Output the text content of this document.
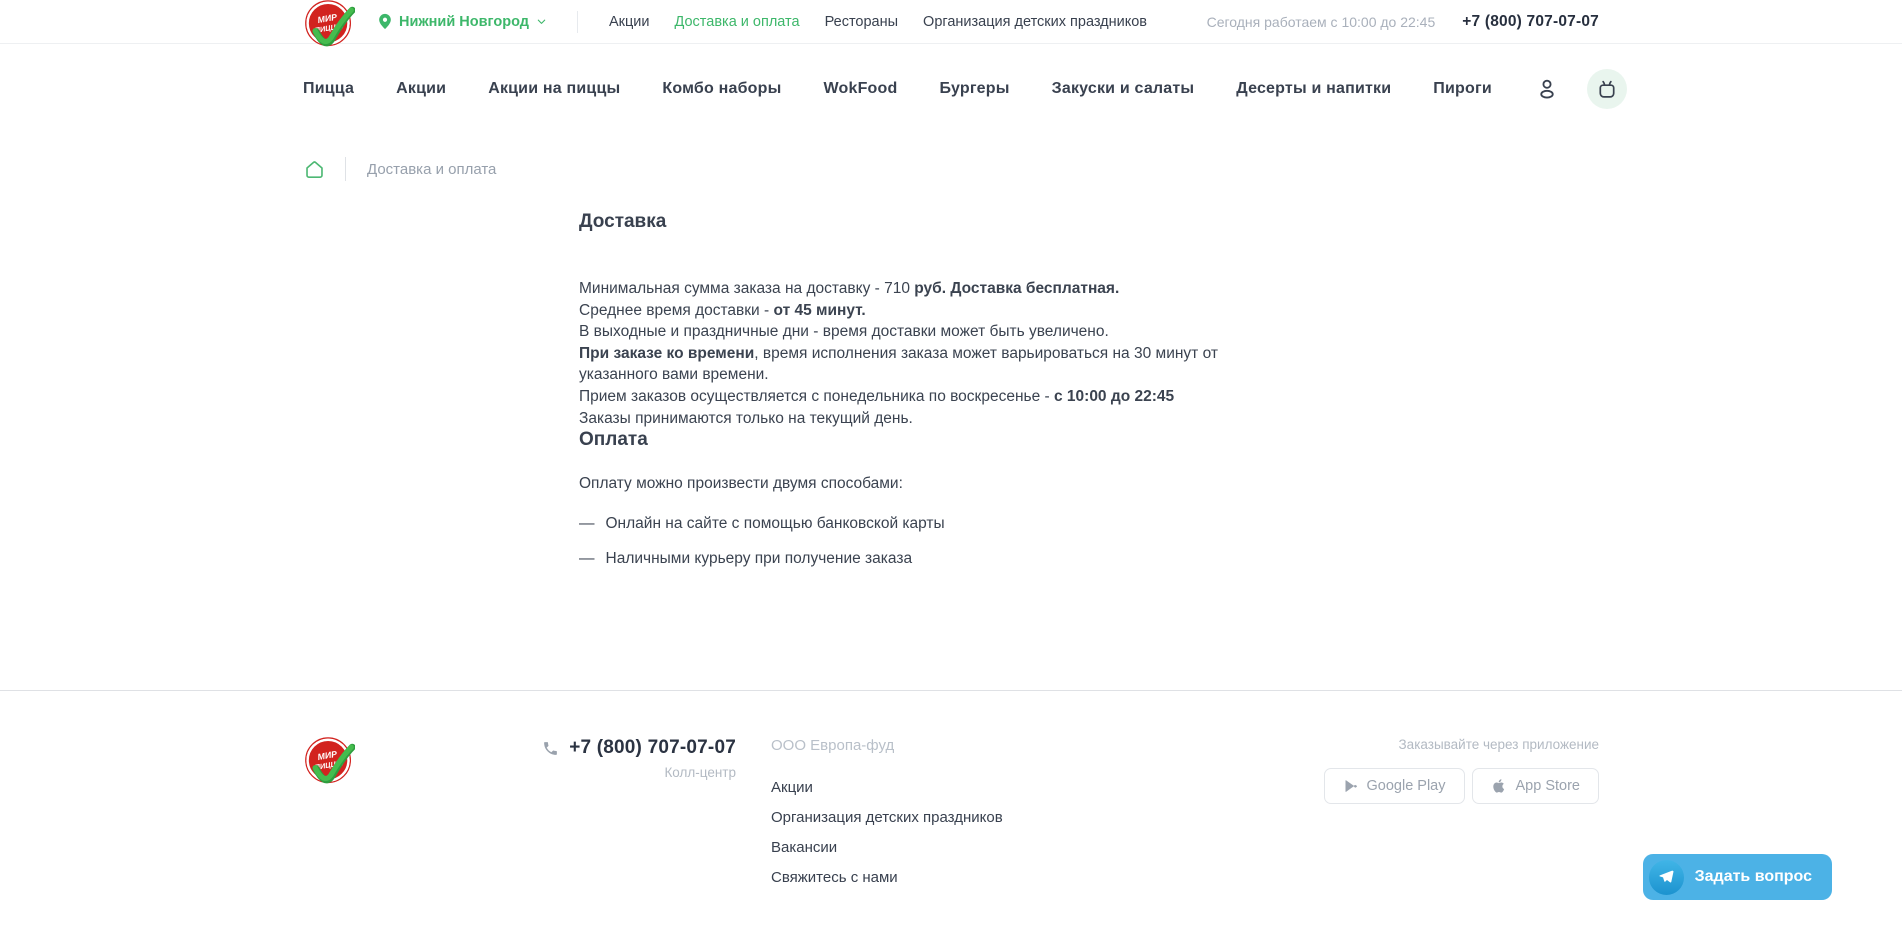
МИР
ПИЦЦЫ	Нижний Новгород	Акции Доставка и оплата Рестораны Организация детских праздников	Сегодня работаем с 10:00 до 22:45 +7 (800) 707-07-07
Пицца	Акции	Акции на пиццы	Комбо наборы	WokFood	Бургеры	Закуски и салаты	Десерты и напитки	Пироги
Доставка и оплата
Доставка
Минимальная сумма заказа на доставку - 710 руб. Доставка бесплатная.
Среднее время доставки - от 45 минут.
В выходные и праздничные дни - время доставки может быть увеличено.
При заказе ко времени, время исполнения заказа может варьироваться на 30 минут от указанного вами времени.
Прием заказов осуществляется с понедельника по воскресенье - с 10:00 до 22:45
Заказы принимаются только на текущий день.
Оплата

Оплату можно произвести двумя способами:

— Онлайн на сайте с помощью банковской карты
— Наличными курьеру при получение заказа
МИР
ПИЦЦЫ
+7 (800) 707-07-07
Колл-центр
ООО Европа-фуд
Акции
Организация детских праздников
Вакансии
Свяжитесь с нами
Заказывайте через приложение
Google Play	App Store
Задать вопрос
